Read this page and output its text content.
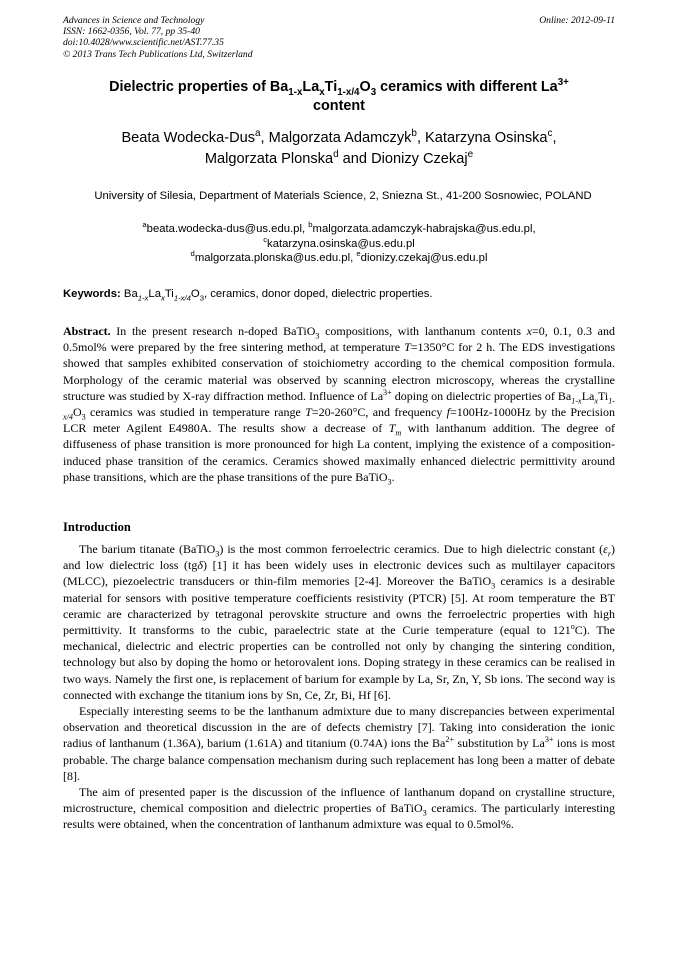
Advances in Science and Technology
ISSN: 1662-0356, Vol. 77, pp 35-40
doi:10.4028/www.scientific.net/AST.77.35
© 2013 Trans Tech Publications Ltd, Switzerland
Online: 2012-09-11
Dielectric properties of $Ba_{1-x}La_xTi_{1-x/4}O_3$ ceramics with different $La^{3+}$
content
Beata Wodecka-Dus$^a$, Malgorzata Adamczyk$^b$, Katarzyna Osinska$^c$,
Malgorzata Plonska$^d$ and Dionizy Czekaj$^e$
University of Silesia, Department of Materials Science, 2, Sniezna St., 41-200 Sosnowiec, POLAND
$^a$beata.wodecka-dus@us.edu.pl, $^b$malgorzata.adamczyk-habrajska@us.edu.pl,
$^c$katarzyna.osinska@us.edu.pl
$^d$malgorzata.plonska@us.edu.pl, $^e$dionizy.czekaj@us.edu.pl
Keywords: $Ba_{1-x}La_xTi_{1-x/4}O_3$, ceramics, donor doped, dielectric properties.
Abstract. In the present research n-doped BaTiO$_3$ compositions, with lanthanum contents x=0, 0.1, 0.3 and 0.5mol% were prepared by the free sintering method, at temperature T=1350°C for 2 h. The EDS investigations showed that samples exhibited conservation of stoichiometry according to the chemical composition formula. Morphology of the ceramic material was observed by scanning electron microscopy, whereas the crystalline structure was studied by X-ray diffraction method. Influence of $La^{3+}$ doping on dielectric properties of $Ba_{1-x}La_xTi_{1-x/4}O_3$ ceramics was studied in temperature range T=20-260°C, and frequency f=100Hz-1000Hz by the Precision LCR meter Agilent E4980A. The results show a decrease of $T_m$ with lanthanum addition. The degree of diffuseness of phase transition is more pronounced for high La content, implying the existence of a composition-induced phase transition of the ceramics. Ceramics showed maximally enhanced dielectric permittivity around phase transitions, which are the phase transitions of the pure BaTiO$_3$.
Introduction

The barium titanate (BaTiO$_3$) is the most common ferroelectric ceramics. Due to high dielectric constant $(\varepsilon_r)$ and low dielectric loss (tgδ) [1] it has been widely uses in electronic devices such as multilayer capacitors (MLCC), piezoelectric transducers or thin-film memories [2-4]. Moreover the BaTiO$_3$ ceramics is a desirable material for sensors with positive temperature coefficients resistivity (PTCR) [5]. At room temperature the BT ceramic are characterized by tetragonal perovskite structure and owns the ferroelectric properties with high permittivity. It transforms to the cubic, paraelectric state at the Curie temperature (equal to 121$^o$C). The mechanical, dielectric and electric properties can be controlled not only by changing the sintering condition, technology but also by doping the homo or hetorovalent ions. Doping strategy in these ceramics can be realised in two ways. Namely the first one, is replacement of barium for example by La, Sr, Zn, Y, Sb ions. The second way is connected with exchange the titanium ions by Sn, Ce, Zr, Bi, Hf [6].

Especially interesting seems to be the lanthanum admixture due to many discrepancies between experimental observation and theoretical discussion in the are of defects chemistry [7]. Taking into consideration the ionic radius of lanthanum (1.36A), barium (1.61A) and titanium (0.74A) ions the $Ba^{2+}$ substitution by $La^{3+}$ ions is most probable. The charge balance compensation mechanism during such replacement has long been a matter of debate [8].

The aim of presented paper is the discussion of the influence of lanthanum dopand on crystalline structure, microstructure, chemical composition and dielectric properties of BaTiO$_3$ ceramics. The particularly interesting results were obtained, when the concentration of lanthanum admixture was equal to 0.5mol%.
